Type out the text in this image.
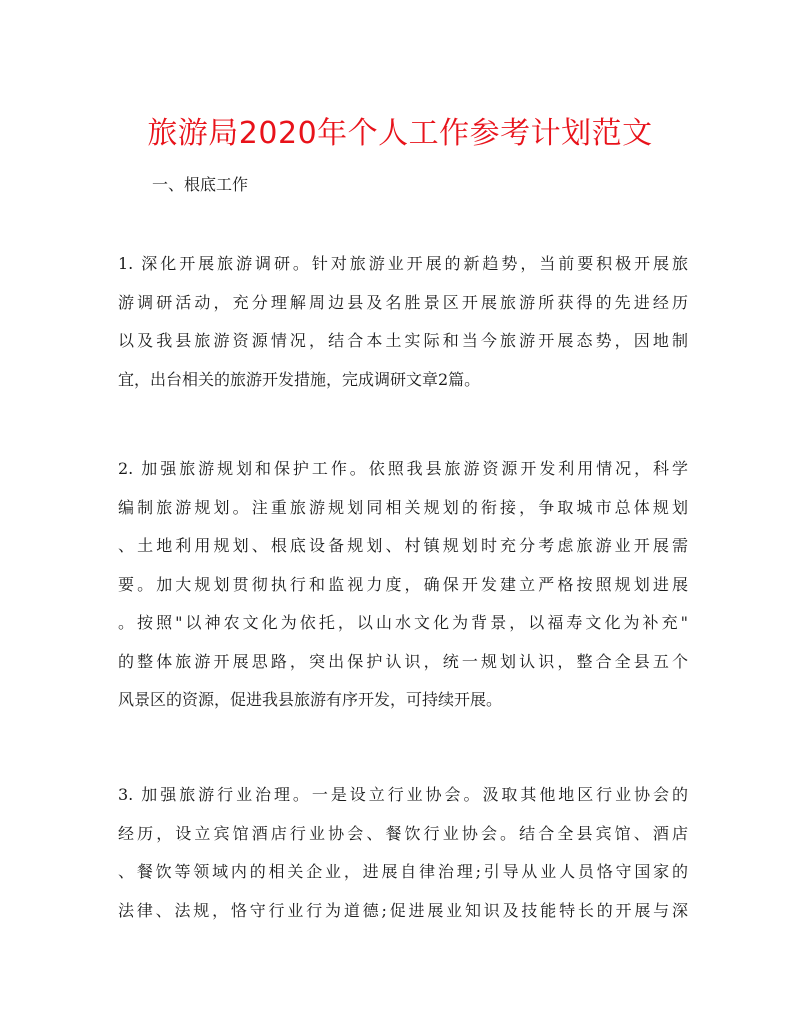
旅游局2020年个人工作参考计划范文
一、根底工作
1. 深化开展旅游调研。针对旅游业开展的新趋势，当前要积极开展旅
游调研活动，充分理解周边县及名胜景区开展旅游所获得的先进经历
以及我县旅游资源情况，结合本土实际和当今旅游开展态势，因地制
宜，出台相关的旅游开发措施，完成调研文章2篇。
2. 加强旅游规划和保护工作。依照我县旅游资源开发利用情况，科学
编制旅游规划。注重旅游规划同相关规划的衔接，争取城市总体规划
、土地利用规划、根底设备规划、村镇规划时充分考虑旅游业开展需
要。加大规划贯彻执行和监视力度，确保开发建立严格按照规划进展
。按照"以神农文化为依托，以山水文化为背景，以福寿文化为补充"
的整体旅游开展思路，突出保护认识，统一规划认识，整合全县五个
风景区的资源，促进我县旅游有序开发，可持续开展。
3. 加强旅游行业治理。一是设立行业协会。汲取其他地区行业协会的
经历，设立宾馆酒店行业协会、餐饮行业协会。结合全县宾馆、酒店
、餐饮等领域内的相关企业，进展自律治理;引导从业人员恪守国家的
法律、法规，恪守行业行为道德;促进展业知识及技能特长的开展与深
